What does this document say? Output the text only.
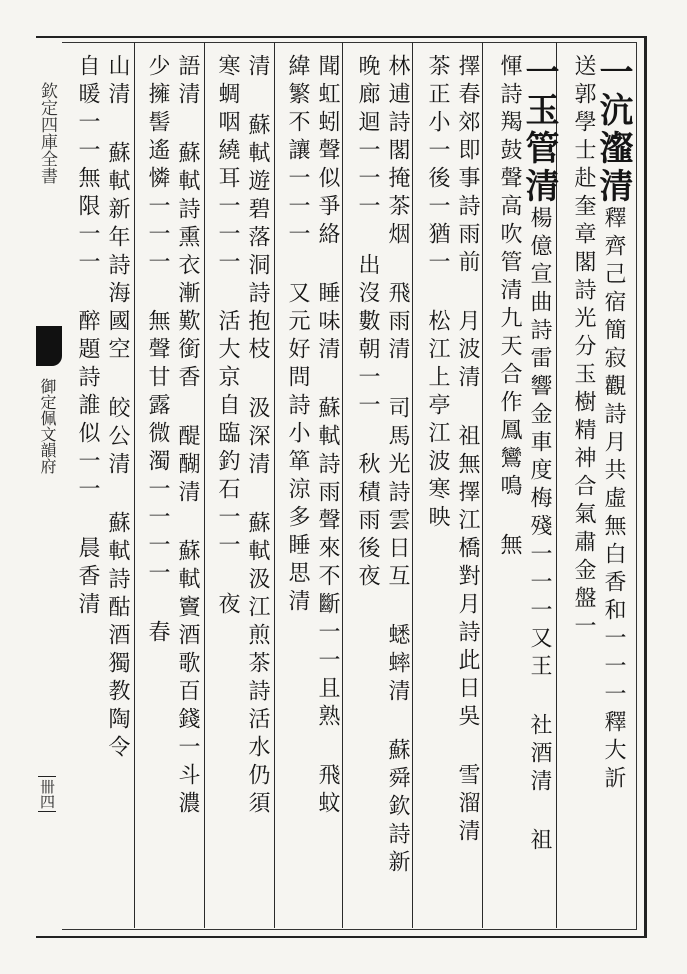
欽定四庫全書
御定佩文韻府
卌四
一沆瀣清釋齊己宿簡寂觀詩月共虛無白香和一一一釋大訢
送郭學士赴奎章閣詩光分玉樹精神合氣肅金盤一
一玉管清楊億宣曲詩雷響金車度梅殘一一一又王 社酒清 祖
惲詩羯鼓聲高吹管清九天合作鳳鸞鳴 無
擇春郊即事詩雨前 月波清 祖無擇江橋對月詩此日吳 雪溜清
茶正小一後一猶一 松江上亭江波寒映
林逋詩閣掩茶烟 飛雨清 司馬光詩雲日互 蟋蟀清 蘇舜欽詩新
晚廊迴一一一 出沒數朝一一 秋積雨後夜
聞虹蚓聲似爭絡 睡味清 蘇軾詩雨聲來不斷一一且熟 飛蚊
緯繁不讓一一一 又元好問詩小箪涼多睡思清
清 蘇軾遊碧落洞詩抱枝 汲深清 蘇軾汲江煎茶詩活水仍須
寒蜩咽繞耳一一一 活大京自臨釣石一一 夜
語清 蘇軾詩熏衣漸歎銜香 醍醐清 蘇軾竇酒歌百錢一斗濃
少擁髻遙憐一一一 無聲甘露微濁一一一一 春
山清 蘇軾新年詩海國空 皎公清 蘇軾詩酤酒獨教陶令
自暖一一無限一一 醉題詩誰似一一 晨香清
